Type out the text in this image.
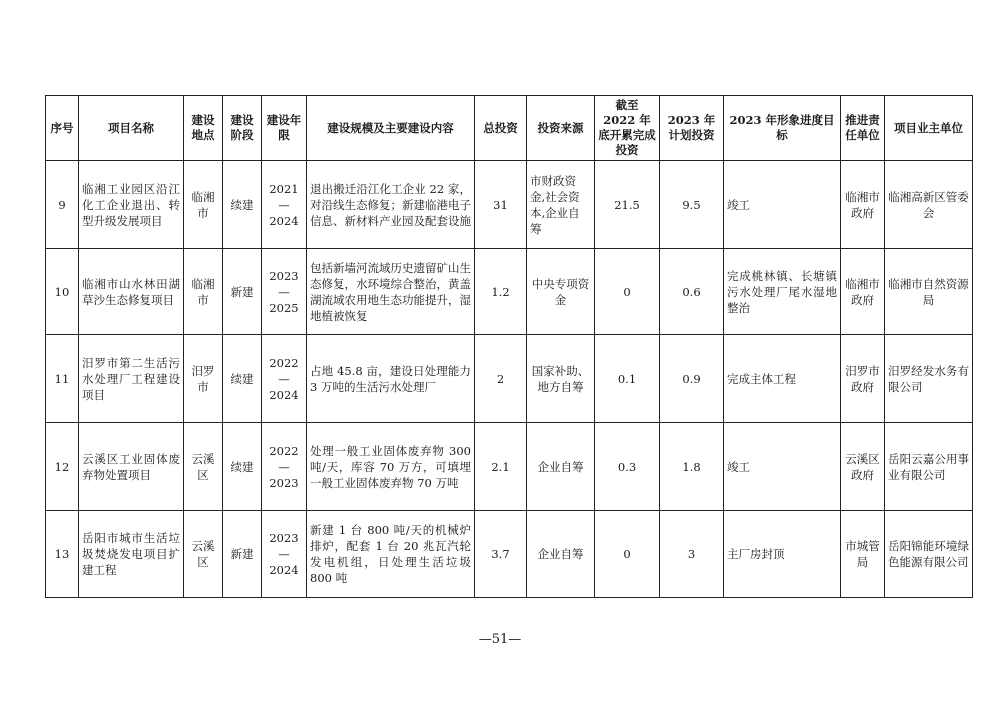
序号	项目名称	建设地点	建设阶段	建设年限	建设规模及主要建设内容	总投资	投资来源	截至 2022 年底开累完成投资	2023 年计划投资	2023 年形象进度目标	推进责任单位	项目业主单位
9	临湘工业园区沿江化工企业退出、转型升级发展项目	临湘市	续建	2021—2024	退出搬迁沿江化工企业 22 家，对沿线生态修复；新建临港电子信息、新材料产业园及配套设施	31	市财政资金,社会资本,企业自筹	21.5	9.5	竣工	临湘市政府	临湘高新区管委会
10	临湘市山水林田湖草沙生态修复项目	临湘市	新建	2023—2025	包括新墙河流域历史遗留矿山生态修复，水环境综合整治，黄盖湖流域农用地生态功能提升，湿地植被恢复	1.2	中央专项资金	0	0.6	完成桃林镇、长塘镇污水处理厂尾水湿地整治	临湘市政府	临湘市自然资源局
11	汨罗市第二生活污水处理厂工程建设项目	汨罗市	续建	2022—2024	占地 45.8 亩，建设日处理能力 3 万吨的生活污水处理厂	2	国家补助、地方自筹	0.1	0.9	完成主体工程	汨罗市政府	汨罗经发水务有限公司
12	云溪区工业固体废弃物处置项目	云溪区	续建	2022—2023	处理一般工业固体废弃物 300 吨/天，库容 70 万方，可填埋一般工业固体废弃物 70 万吨	2.1	企业自筹	0.3	1.8	竣工	云溪区政府	岳阳云嘉公用事业有限公司
13	岳阳市城市生活垃圾焚烧发电项目扩建工程	云溪区	新建	2023—2024	新建 1 台 800 吨/天的机械炉排炉，配套 1 台 20 兆瓦汽轮发电机组，日处理生活垃圾 800 吨	3.7	企业自筹	0	3	主厂房封顶	市城管局	岳阳锦能环境绿色能源有限公司
—51—
